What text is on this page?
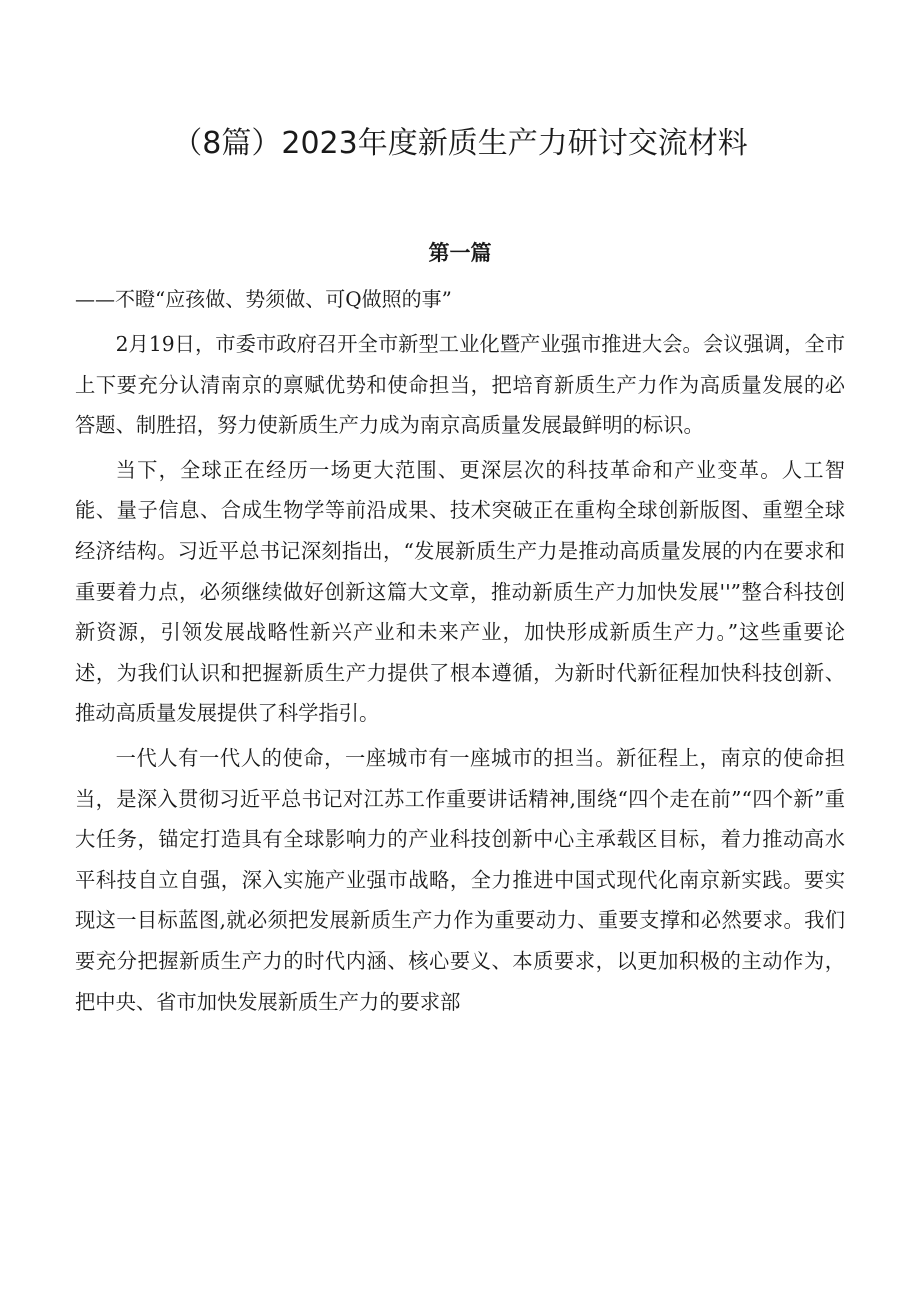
（8篇）2023年度新质生产力研讨交流材料
第一篇

——不瞪“应孩做、势须做、可Q做照的事”

2月19日，市委市政府召开全市新型工业化暨产业强市推进大会。会议强调，全市上下要充分认清南京的禀赋优势和使命担当，把培育新质生产力作为高质量发展的必答题、制胜招，努力使新质生产力成为南京高质量发展最鲜明的标识。

当下，全球正在经历一场更大范围、更深层次的科技革命和产业变革。人工智能、量子信息、合成生物学等前沿成果、技术突破正在重构全球创新版图、重塑全球经济结构。习近平总书记深刻指出，“发展新质生产力是推动高质量发展的内在要求和重要着力点，必须继续做好创新这篇大文章，推动新质生产力加快发展''”整合科技创新资源，引领发展战略性新兴产业和未来产业，加快形成新质生产力。”这些重要论述，为我们认识和把握新质生产力提供了根本遵循，为新时代新征程加快科技创新、推动高质量发展提供了科学指引。

一代人有一代人的使命，一座城市有一座城市的担当。新征程上，南京的使命担当，是深入贯彻习近平总书记对江苏工作重要讲话精神,围绕“四个走在前”“四个新”重大任务，锚定打造具有全球影响力的产业科技创新中心主承载区目标，着力推动高水平科技自立自强，深入实施产业强市战略，全力推进中国式现代化南京新实践。要实现这一目标蓝图,就必须把发展新质生产力作为重要动力、重要支撑和必然要求。我们要充分把握新质生产力的时代内涵、核心要义、本质要求，以更加积极的主动作为，把中央、省市加快发展新质生产力的要求部
